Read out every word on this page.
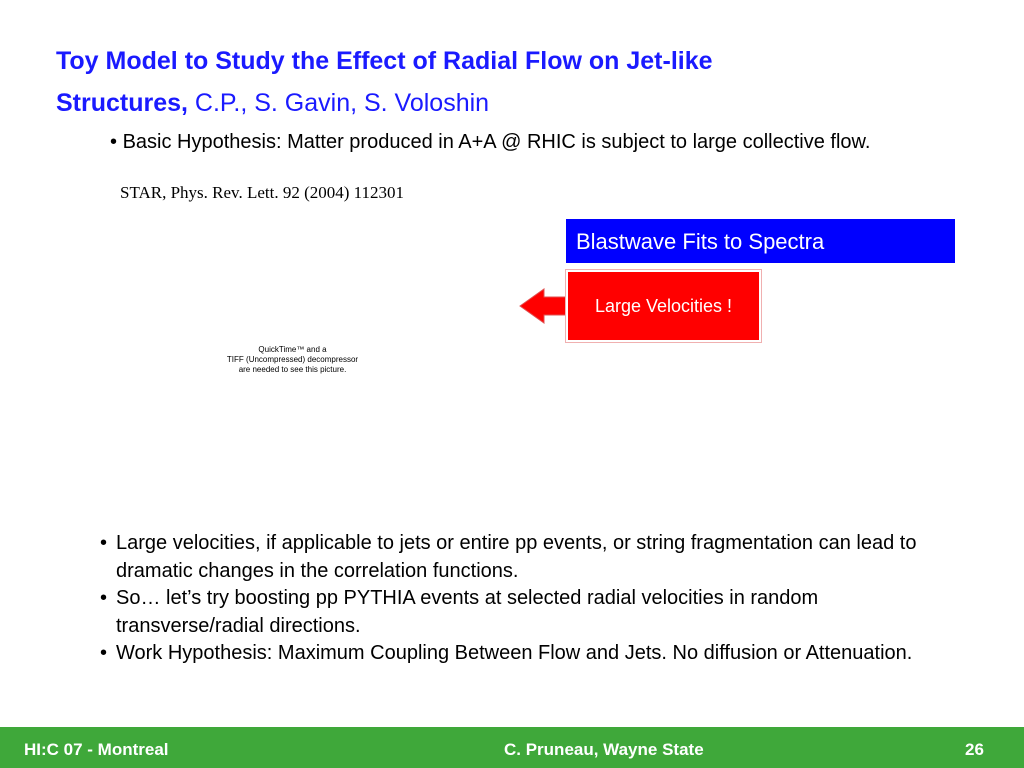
Toy Model to Study the Effect of Radial Flow on Jet-like Structures, C.P., S. Gavin, S. Voloshin
• Basic Hypothesis: Matter produced in A+A @ RHIC is subject to large collective flow.
STAR, Phys. Rev. Lett. 92 (2004) 112301
Blastwave Fits to Spectra
Large Velocities !
QuickTime™ and a
TIFF (Uncompressed) decompressor
are needed to see this picture.
• Large velocities, if applicable to jets or entire pp events, or string fragmentation can lead to dramatic changes in the correlation functions.
• So… let’s try boosting pp PYTHIA events at selected radial velocities in random transverse/radial directions.
• Work Hypothesis: Maximum Coupling Between Flow and Jets. No diffusion or Attenuation.
HI:C 07 - Montreal	C. Pruneau, Wayne State	26
